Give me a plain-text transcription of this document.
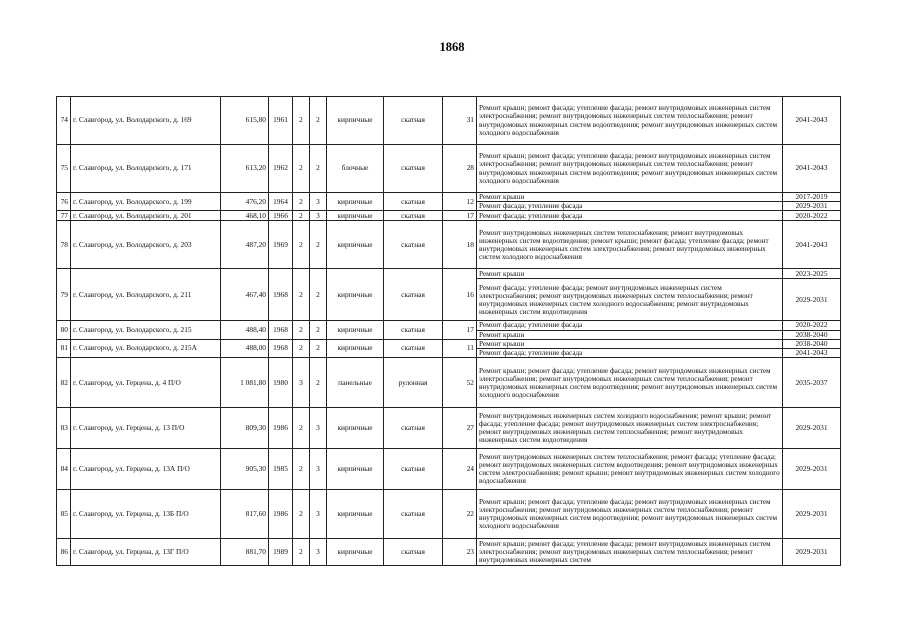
1868
74	г. Славгород, ул. Володарского, д. 169	615,80	1961	2	2	кирпичные	скатная	31	Ремонт крыши; ремонт фасада; утепление фасада; ремонт внутридомовых инженерных систем электроснабжения; ремонт внутридомовых инженерных систем теплоснабжения; ремонт внутридомовых инженерных систем водоотведения; ремонт внутридомовых инженерных систем холодного водоснабжения	2041-2043
75	г. Славгород, ул. Володарского, д. 171	613,20	1962	2	2	блочные	скатная	28	Ремонт крыши; ремонт фасада; утепление фасада; ремонт внутридомовых инженерных систем электроснабжения; ремонт внутридомовых инженерных систем теплоснабжения; ремонт внутридомовых инженерных систем водоотведения; ремонт внутридомовых инженерных систем холодного водоснабжения	2041-2043
76	г. Славгород, ул. Володарского, д. 199	476,20	1964	2	3	кирпичные	скатная	12	Ремонт крыши	2017-2019
									Ремонт фасада; утепление фасада	2029-2031
77	г. Славгород, ул. Володарского, д. 201	468,10	1966	2	3	кирпичные	скатная	17	Ремонт фасада; утепление фасада	2020-2022
78	г. Славгород, ул. Володарского, д. 203	487,20	1969	2	2	кирпичные	скатная	18	Ремонт внутридомовых инженерных систем теплоснабжения; ремонт внутридомовых инженерных систем водоотведения; ремонт крыши; ремонт фасада; утепление фасада; ремонт внутридомовых инженерных систем электроснабжения; ремонт внутридомовых инженерных систем холодного водоснабжения	2041-2043
79	г. Славгород, ул. Володарского, д. 211	467,40	1968	2	2	кирпичные	скатная	16	Ремонт крыши	2023-2025
									Ремонт фасада; утепление фасада; ремонт внутридомовых инженерных систем электроснабжения; ремонт внутридомовых инженерных систем теплоснабжения; ремонт внутридомовых инженерных систем холодного водоснабжения; ремонт внутридомовых инженерных систем водоотведения	2029-2031
80	г. Славгород, ул. Володарского, д. 215	488,40	1968	2	2	кирпичные	скатная	17	Ремонт фасада; утепление фасада	2020-2022
									Ремонт крыши	2038-2040
81	г. Славгород, ул. Володарского, д. 215А	488,00	1968	2	2	кирпичные	скатная	11	Ремонт крыши	2038-2040
									Ремонт фасада; утепление фасада	2041-2043
82	г. Славгород, ул. Герцена, д. 4 П/О	1 081,80	1980	3	2	панельные	рулонная	52	Ремонт крыши; ремонт фасада; утепление фасада; ремонт внутридомовых инженерных систем электроснабжения; ремонт внутридомовых инженерных систем теплоснабжения; ремонт внутридомовых инженерных систем водоотведения; ремонт внутридомовых инженерных систем холодного водоснабжения	2035-2037
83	г. Славгород, ул. Герцена, д. 13 П/О	809,30	1986	2	3	кирпичные	скатная	27	Ремонт внутридомовых инженерных систем холодного водоснабжения; ремонт крыши; ремонт фасада; утепление фасада; ремонт внутридомовых инженерных систем электроснабжения; ремонт внутридомовых инженерных систем теплоснабжения; ремонт внутридомовых инженерных систем водоотведения	2029-2031
84	г. Славгород, ул. Герцена, д. 13А П/О	905,30	1985	2	3	кирпичные	скатная	24	Ремонт внутридомовых инженерных систем теплоснабжения; ремонт фасада; утепление фасада; ремонт внутридомовых инженерных систем водоотведения; ремонт внутридомовых инженерных систем электроснабжения; ремонт крыши; ремонт внутридомовых инженерных систем холодного водоснабжения	2029-2031
85	г. Славгород, ул. Герцена, д. 13Б П/О	817,60	1986	2	3	кирпичные	скатная	22	Ремонт крыши; ремонт фасада; утепление фасада; ремонт внутридомовых инженерных систем электроснабжения; ремонт внутридомовых инженерных систем теплоснабжения; ремонт внутридомовых инженерных систем водоотведения; ремонт внутридомовых инженерных систем холодного водоснабжения	2029-2031
86	г. Славгород, ул. Герцена, д. 13Г П/О	881,70	1989	2	3	кирпичные	скатная	23	Ремонт крыши; ремонт фасада; утепление фасада; ремонт внутридомовых инженерных систем электроснабжения; ремонт внутридомовых инженерных систем теплоснабжения; ремонт внутридомовых инженерных систем	2029-2031
